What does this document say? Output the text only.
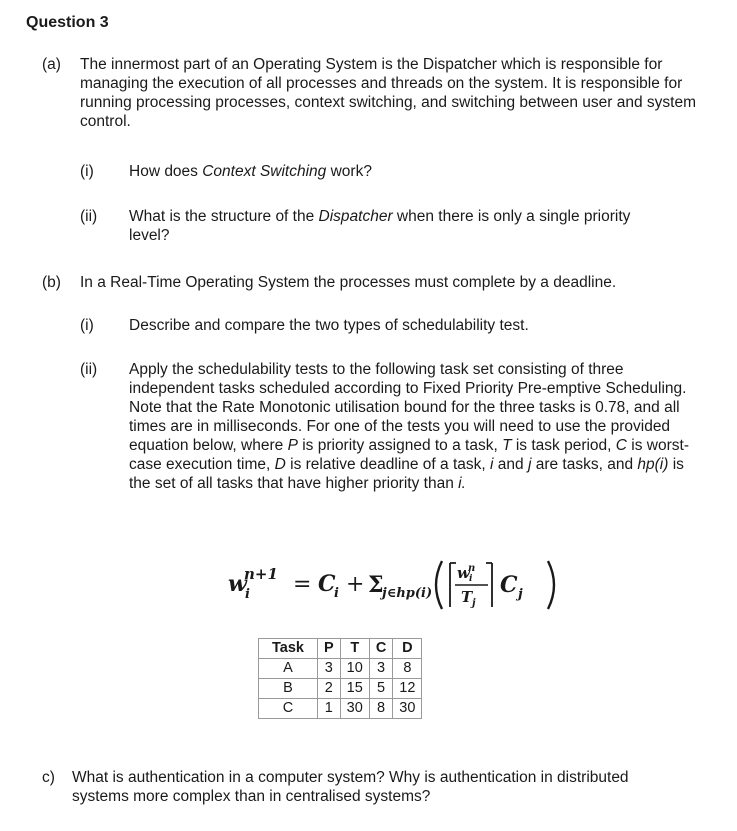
Question 3
(a) The innermost part of an Operating System is the Dispatcher which is responsible for managing the execution of all processes and threads on the system. It is responsible for running processing processes, context switching, and switching between user and system control.
(i) How does Context Switching work?
(ii) What is the structure of the Dispatcher when there is only a single priority level?
(b) In a Real-Time Operating System the processes must complete by a deadline.
(i) Describe and compare the two types of schedulability test.
(ii) Apply the schedulability tests to the following task set consisting of three independent tasks scheduled according to Fixed Priority Pre-emptive Scheduling. Note that the Rate Monotonic utilisation bound for the three tasks is 0.78, and all times are in milliseconds. For one of the tests you will need to use the provided equation below, where P is priority assigned to a task, T is task period, C is worst-case execution time, D is relative deadline of a task, i and j are tasks, and hp(i) is the set of all tasks that have higher priority than i.
w
n+1
i = C
i + Σ
j∈hp(i)
w
n
i
T j
C j
Task	P	T	C	D
A	3	10	3	8
B	2	15	5	12
C	1	30	8	30
c) What is authentication in a computer system? Why is authentication in distributed systems more complex than in centralised systems?
